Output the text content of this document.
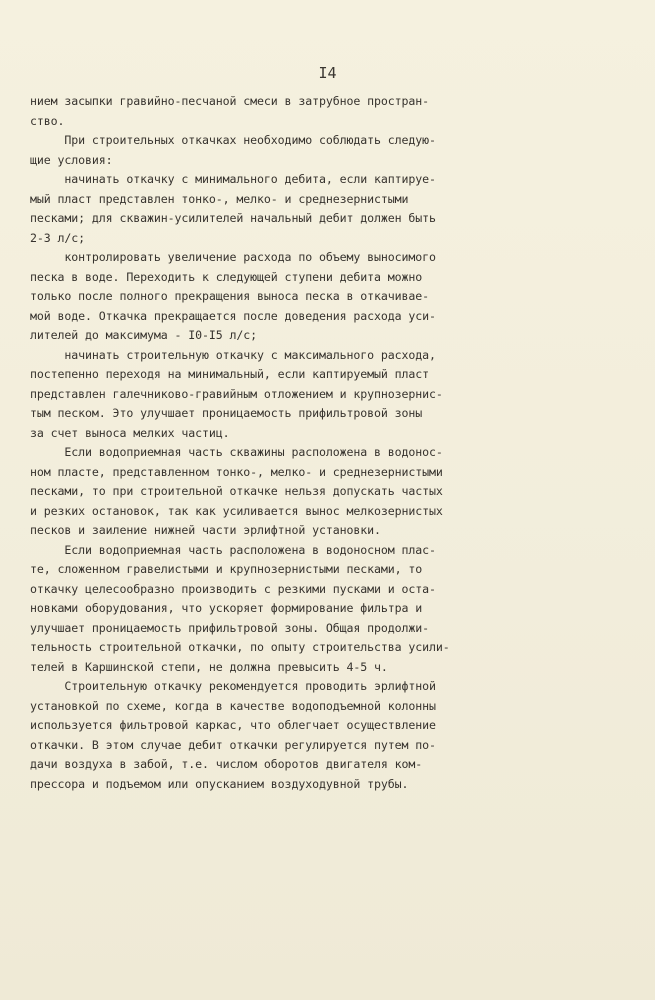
I4
нием засыпки гравийно-песчаной смеси в затрубное простран-
ство.
При строительных откачках необходимо соблюдать следую-
щие условия:
начинать откачку с минимального дебита, если каптируе-
мый пласт представлен тонко-, мелко- и среднезернистыми
песками; для скважин-усилителей начальный дебит должен быть
2-3 л/с;
контролировать увеличение расхода по объему выносимого
песка в воде. Переходить к следующей ступени дебита можно
только после полного прекращения выноса песка в откачивае-
мой воде. Откачка прекращается после доведения расхода уси-
лителей до максимума - I0-I5 л/с;
начинать строительную откачку с максимального расхода,
постепенно переходя на минимальный, если каптируемый пласт
представлен галечниково-гравийным отложением и крупнозернис-
тым песком. Это улучшает проницаемость прифильтровой зоны
за счет выноса мелких частиц.
Если водоприемная часть скважины расположена в водонос-
ном пласте, представленном тонко-, мелко- и среднезернистыми
песками, то при строительной откачке нельзя допускать частых
и резких остановок, так как усиливается вынос мелкозернистых
песков и заиление нижней части эрлифтной установки.
Если водоприемная часть расположена в водоносном плас-
те, сложенном гравелистыми и крупнозернистыми песками, то
откачку целесообразно производить с резкими пусками и оста-
новками оборудования, что ускоряет формирование фильтра и
улучшает проницаемость прифильтровой зоны. Общая продолжи-
тельность строительной откачки, по опыту строительства усили-
телей в Каршинской степи, не должна превысить 4-5 ч.
Строительную откачку рекомендуется проводить эрлифтной
установкой по схеме, когда в качестве водоподъемной колонны
используется фильтровой каркас, что облегчает осуществление
откачки. В этом случае дебит откачки регулируется путем по-
дачи воздуха в забой, т.е. числом оборотов двигателя ком-
прессора и подъемом или опусканием воздуходувной трубы.
